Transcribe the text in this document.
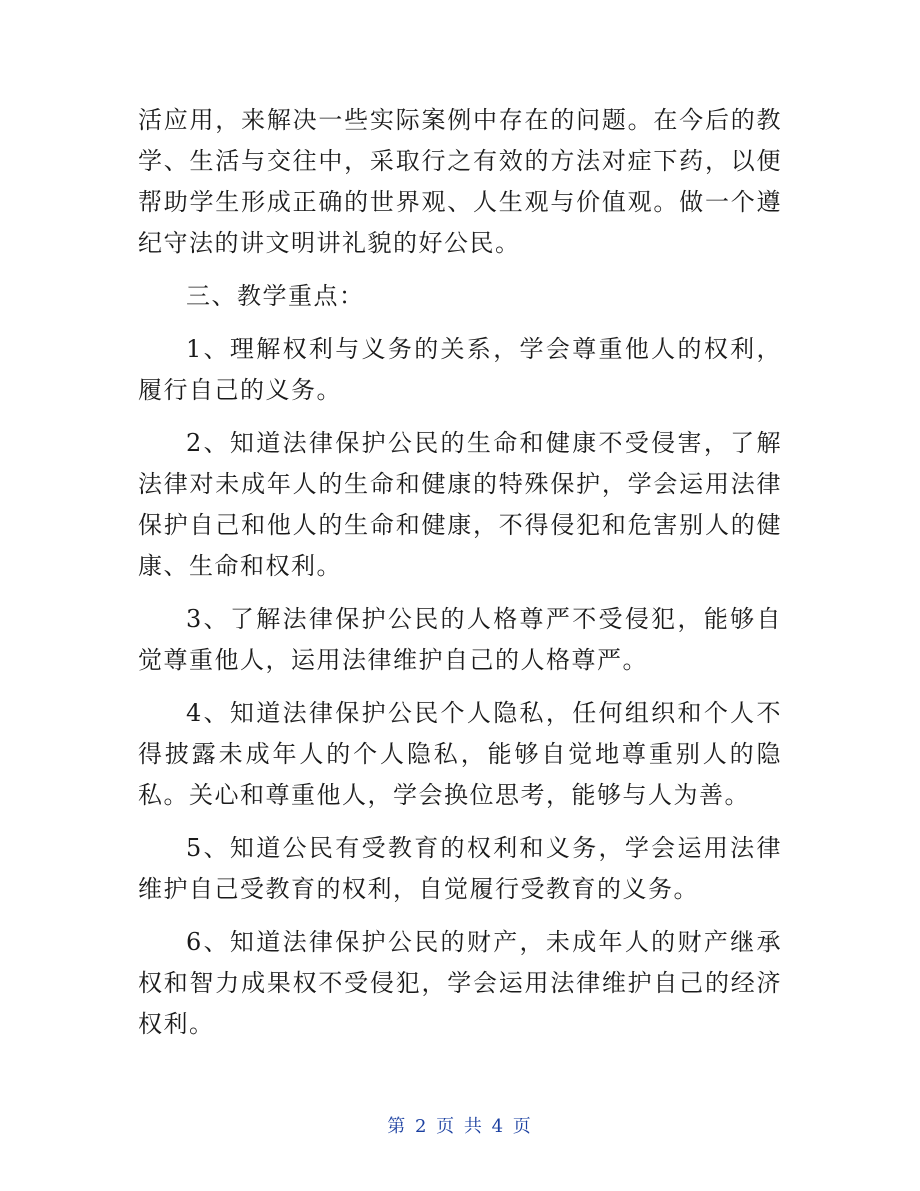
活应用，来解决一些实际案例中存在的问题。在今后的教学、生活与交往中，采取行之有效的方法对症下药，以便帮助学生形成正确的世界观、人生观与价值观。做一个遵纪守法的讲文明讲礼貌的好公民。

三、教学重点：

1、理解权利与义务的关系，学会尊重他人的权利，履行自己的义务。

2、知道法律保护公民的生命和健康不受侵害，了解法律对未成年人的生命和健康的特殊保护，学会运用法律保护自己和他人的生命和健康，不得侵犯和危害别人的健康、生命和权利。

3、了解法律保护公民的人格尊严不受侵犯，能够自觉尊重他人，运用法律维护自己的人格尊严。

4、知道法律保护公民个人隐私，任何组织和个人不得披露未成年人的个人隐私，能够自觉地尊重别人的隐私。关心和尊重他人，学会换位思考，能够与人为善。

5、知道公民有受教育的权利和义务，学会运用法律维护自己受教育的权利，自觉履行受教育的义务。

6、知道法律保护公民的财产，未成年人的财产继承权和智力成果权不受侵犯，学会运用法律维护自己的经济权利。

第 2 页 共 4 页
